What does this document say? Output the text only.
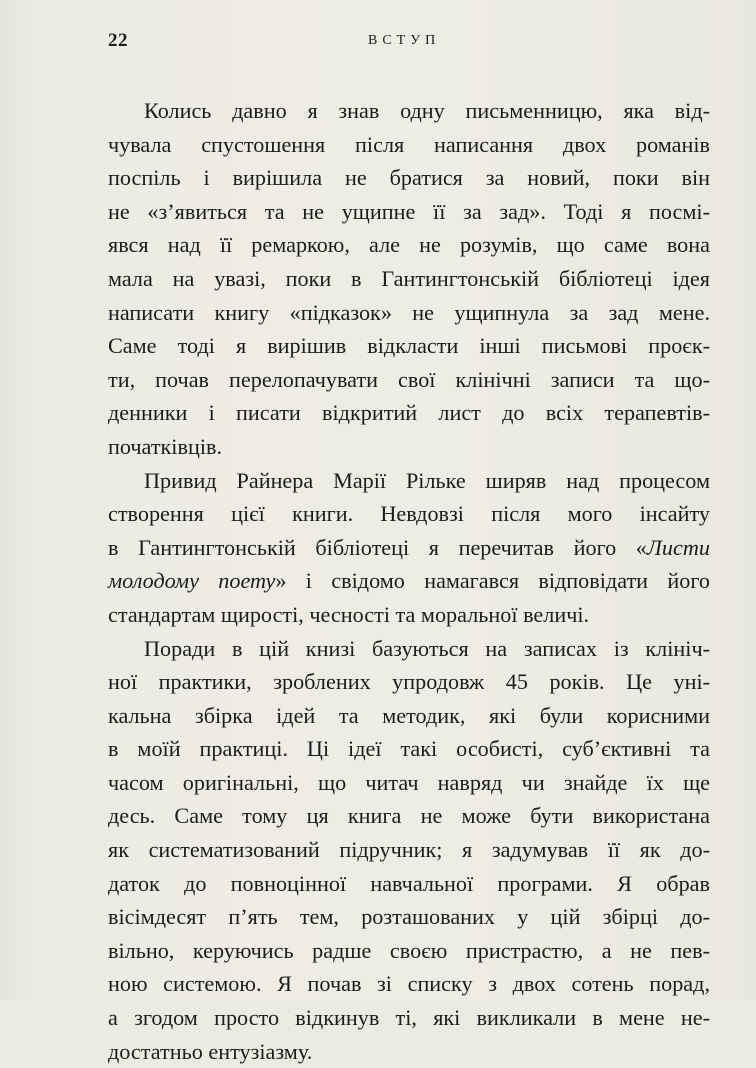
22	ВСТУП
Колись давно я знав одну письменницю, яка від-
чувала спустошення після написання двох романів
поспіль і вирішила не братися за новий, поки він
не «з’явиться та не ущипне її за зад». Тоді я посмі-
явся над її ремаркою, але не розумів, що саме вона
мала на увазі, поки в Гантингтонській бібліотеці ідея
написати книгу «підказок» не ущипнула за зад мене.
Саме тоді я вирішив відкласти інші письмові проєк-
ти, почав перелопачувати свої клінічні записи та що-
денники і писати відкритий лист до всіх терапевтів-
початківців.
Привид Райнера Марії Рільке ширяв над процесом
створення цієї книги. Невдовзі після мого інсайту
в Гантингтонській бібліотеці я перечитав його «Листи
молодому поету» і свідомо намагався відповідати його
стандартам щирості, чесності та моральної величі.
Поради в цій книзі базуються на записах із клініч-
ної практики, зроблених упродовж 45 років. Це уні-
кальна збірка ідей та методик, які були корисними
в моїй практиці. Ці ідеї такі особисті, суб’єктивні та
часом оригінальні, що читач навряд чи знайде їх ще
десь. Саме тому ця книга не може бути використана
як систематизований підручник; я задумував її як до-
даток до повноцінної навчальної програми. Я обрав
вісімдесят п’ять тем, розташованих у цій збірці до-
вільно, керуючись радше своєю пристрастю, а не пев-
ною системою. Я почав зі списку з двох сотень порад,
а згодом просто відкинув ті, які викликали в мене не-
достатньо ентузіазму.
